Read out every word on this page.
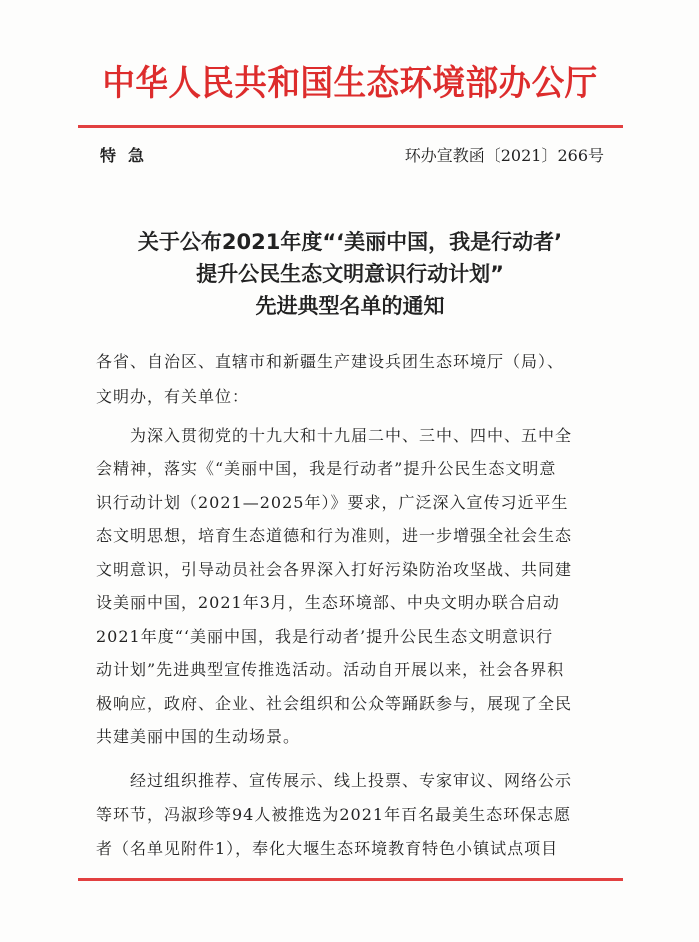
中华人民共和国生态环境部办公厅
特急	环办宣教函〔2021〕266号
关于公布2021年度“‘美丽中国，我是行动者’
提升公民生态文明意识行动计划”
先进典型名单的通知
各省、自治区、直辖市和新疆生产建设兵团生态环境厅（局）、
文明办，有关单位：
为深入贯彻党的十九大和十九届二中、三中、四中、五中全
会精神，落实《“美丽中国，我是行动者”提升公民生态文明意
识行动计划（2021—2025年）》要求，广泛深入宣传习近平生
态文明思想，培育生态道德和行为准则，进一步增强全社会生态
文明意识，引导动员社会各界深入打好污染防治攻坚战、共同建
设美丽中国，2021年3月，生态环境部、中央文明办联合启动
2021年度“‘美丽中国，我是行动者’提升公民生态文明意识行
动计划”先进典型宣传推选活动。活动自开展以来，社会各界积
极响应，政府、企业、社会组织和公众等踊跃参与，展现了全民
共建美丽中国的生动场景。
经过组织推荐、宣传展示、线上投票、专家审议、网络公示
等环节，冯淑珍等94人被推选为2021年百名最美生态环保志愿
者（名单见附件1），奉化大堰生态环境教育特色小镇试点项目
